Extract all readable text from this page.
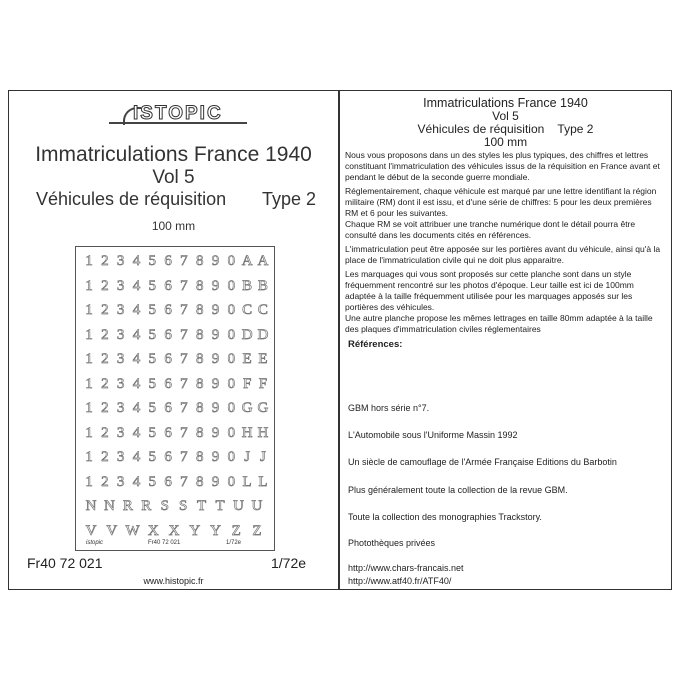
ISTOPIC
Immatriculations France 1940
Vol 5
Véhicules de réquisition Type 2
100 mm
1 2 3 4 5 6 7 8 9 0 A A
1 2 3 4 5 6 7 8 9 0 B B
1 2 3 4 5 6 7 8 9 0 C C
1 2 3 4 5 6 7 8 9 0 D D
1 2 3 4 5 6 7 8 9 0 E E
1 2 3 4 5 6 7 8 9 0 F F
1 2 3 4 5 6 7 8 9 0 G G
1 2 3 4 5 6 7 8 9 0 H H
1 2 3 4 5 6 7 8 9 0 J J
1 2 3 4 5 6 7 8 9 0 L L
N N R R S S T T U U
V V W X X Y Y Z Z
istopic	Fr40 72 021	1/72e
Fr40 72 021	1/72e
www.histopic.fr
Immatriculations France 1940
Vol 5
Véhicules de réquisition    Type 2
100 mm

Nous vous proposons dans un des styles les plus typiques, des chiffres et lettres constituant l'immatriculation des véhicules issus de la réquisition en France avant et pendant le début de la seconde guerre mondiale.

Réglementairement, chaque véhicule est marqué par une lettre identifiant la région militaire (RM) dont il est issu, et d'une série de chiffres: 5 pour les deux premières RM et 6 pour les suivantes.

Chaque RM se voit attribuer une tranche numérique dont le détail pourra être consulté dans les documents cités en références.

L'immatriculation peut être apposée sur les portières avant du véhicule, ainsi qu'à la place de l'immatriculation civile qui ne doit plus apparaitre.

Les marquages qui vous sont proposés sur cette planche sont dans un style fréquemment rencontré sur les photos d'époque. Leur taille est ici de 100mm adaptée à la taille fréquemment utilisée pour les marquages apposés sur les portières des véhicules.

Une autre planche propose les mêmes lettrages en taille 80mm adaptée à la taille des plaques d'immatriculation civiles réglementaires

Références:
GBM hors série n°7.
L'Automobile sous l'Uniforme Massin 1992
Un siècle de camouflage de l'Armée Française Editions du Barbotin
Plus généralement toute la collection de la revue GBM.
Toute la collection des monographies Trackstory.
Photothèques privées
http://www.chars-francais.net
http://www.atf40.fr/ATF40/
